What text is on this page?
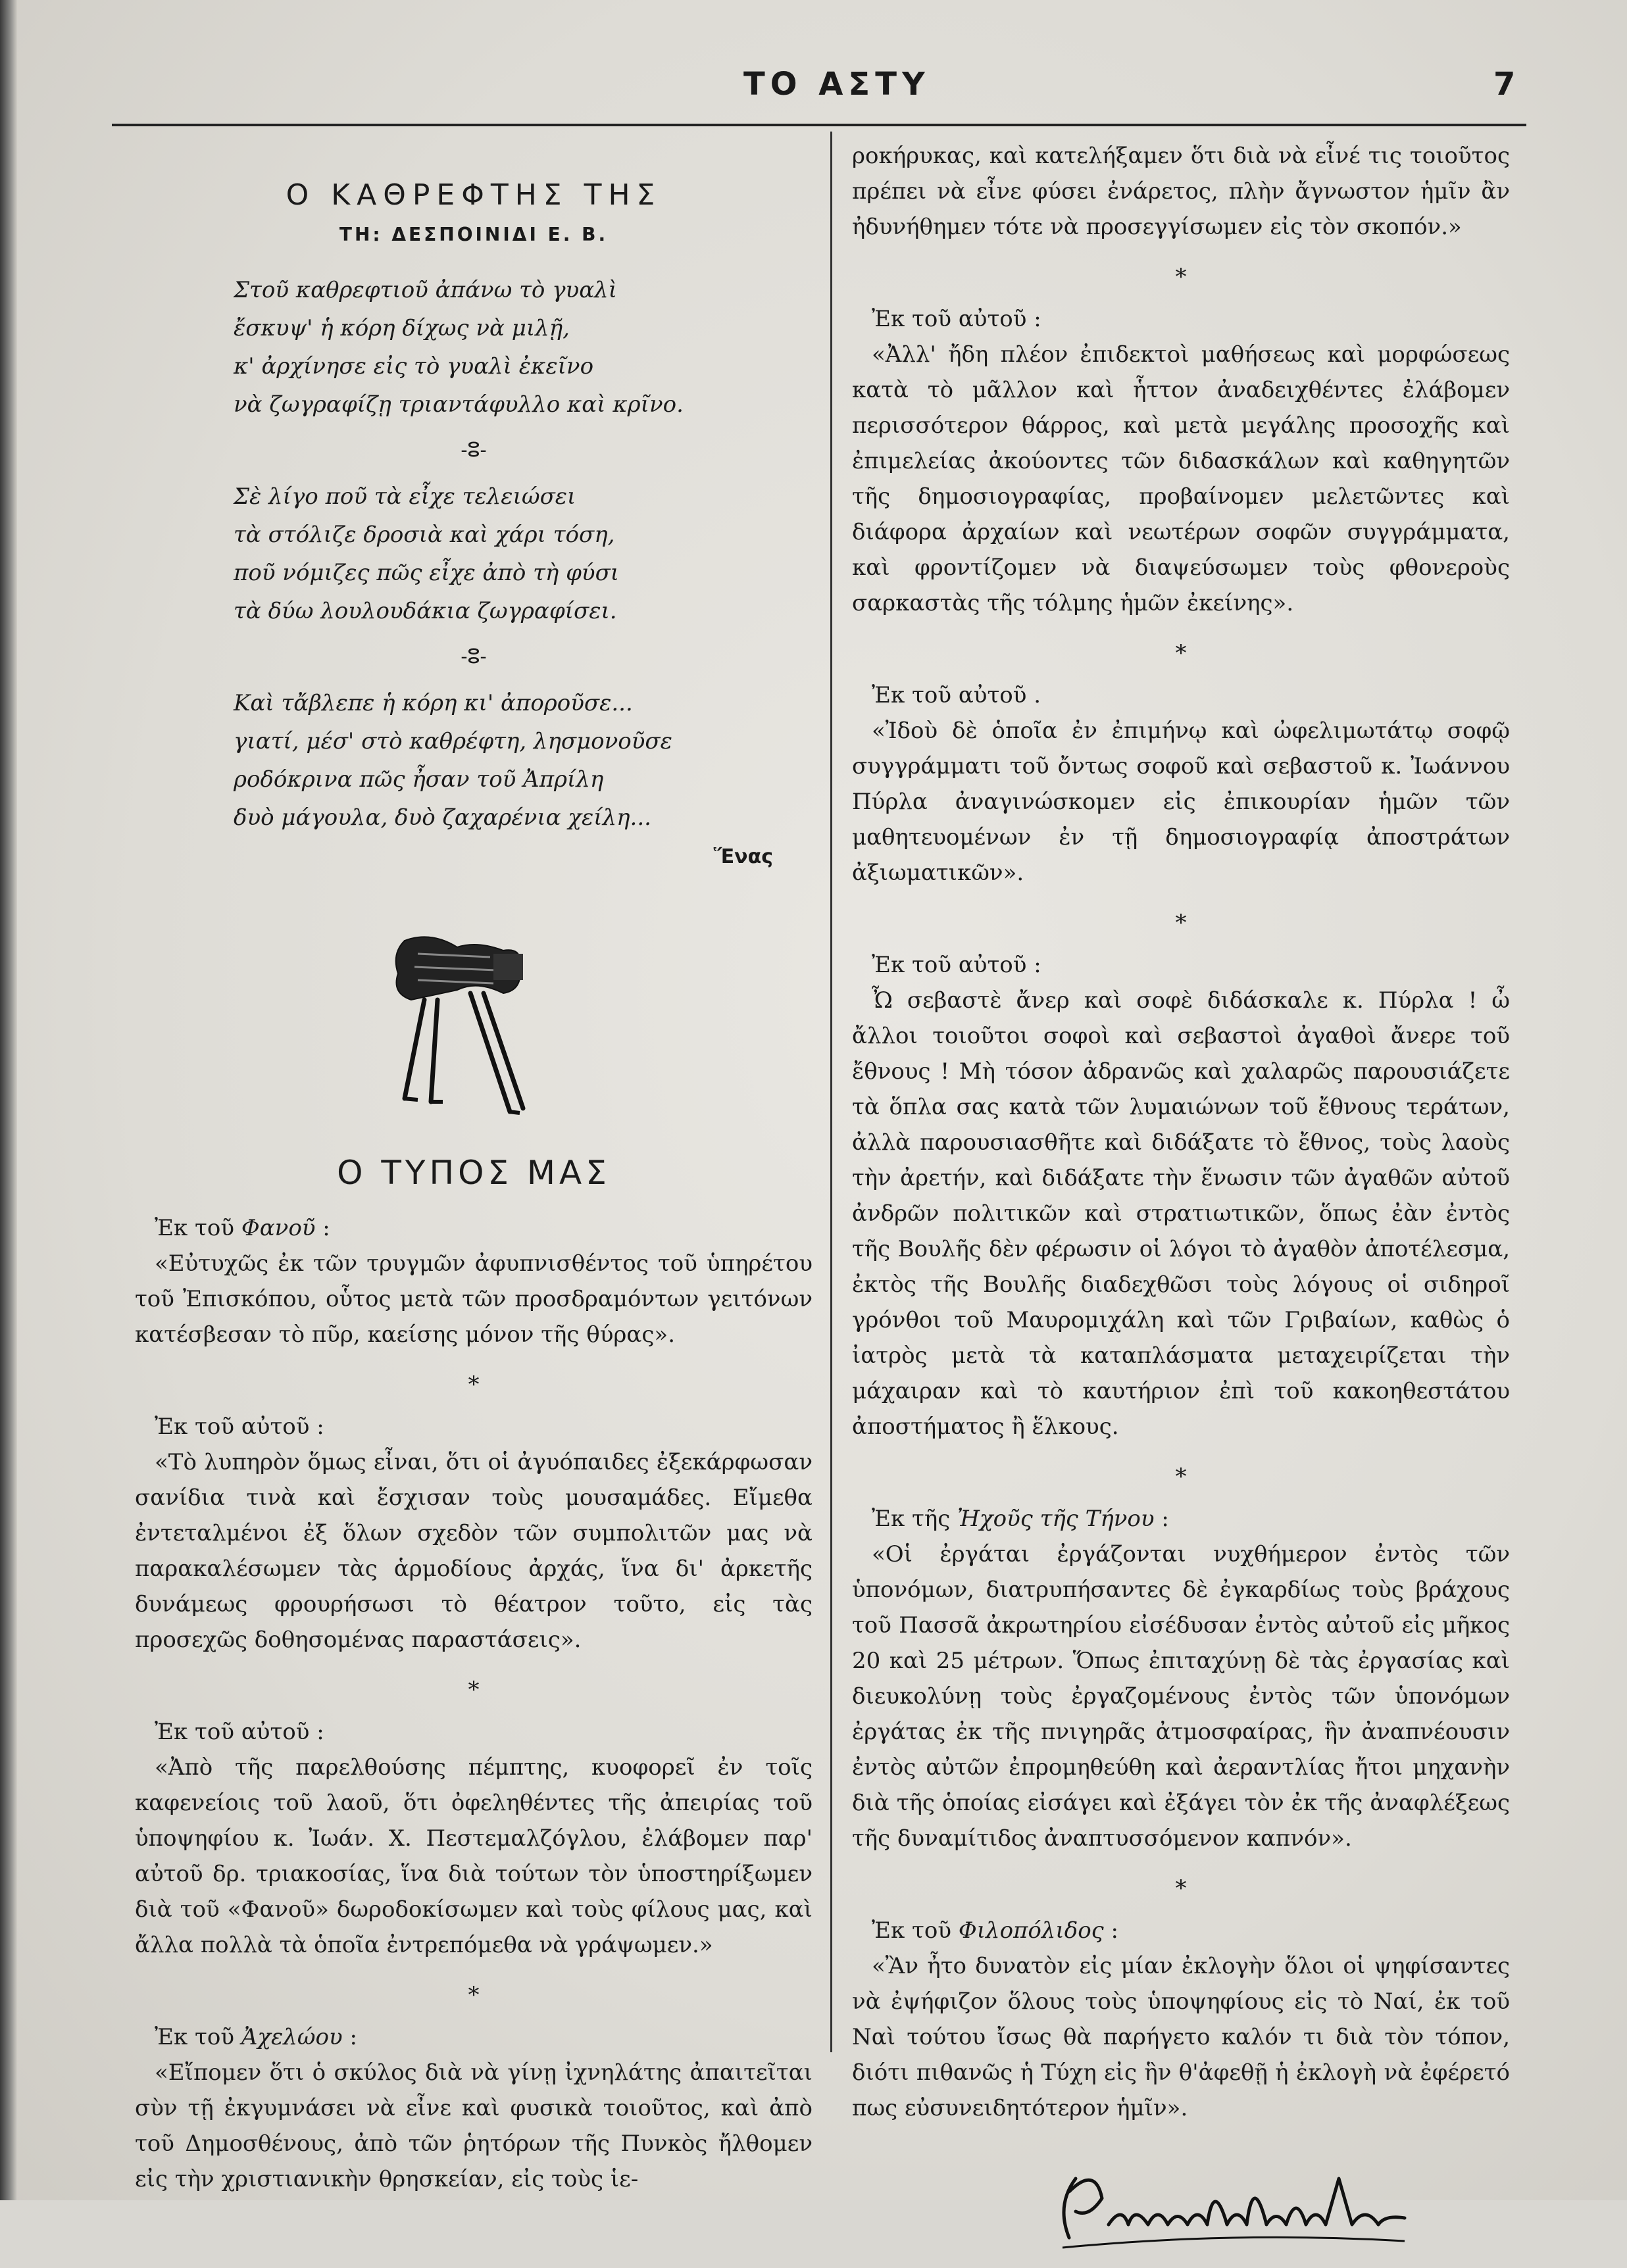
ΤΟ ΑΣΤΥ	7
Ο ΚΑΘΡΕΦΤΗΣ ΤΗΣ
ΤΗ: ΔΕΣΠΟΙΝΙΔΙ Ε. Β.
Στοῦ καθρεφτιοῦ ἀπάνω τὸ γυαλὶ
ἔσκυψ' ἡ κόρη δίχως νὰ μιλῇ,
κ' ἀρχίνησε εἰς τὸ γυαλὶ ἐκεῖνο
νὰ ζωγραφίζῃ τριαντάφυλλο καὶ κρῖνο.
-ⵓ-
Σὲ λίγο ποῦ τὰ εἶχε τελειώσει
τὰ στόλιζε δροσιὰ καὶ χάρι τόση,
ποῦ νόμιζες πῶς εἶχε ἀπὸ τὴ φύσι
τὰ δύω λουλουδάκια ζωγραφίσει.
-ⵓ-
Καὶ τἄβλεπε ἡ κόρη κι' ἀποροῦσε...
γιατί, μέσ' στὸ καθρέφτη, λησμονοῦσε
ροδόκρινα πῶς ἦσαν τοῦ Ἀπρίλη
δυὸ μάγουλα, δυὸ ζαχαρένια χείλη...
Ἕνας
Ο ΤΥΠΟΣ ΜΑΣ
Ἐκ τοῦ Φανοῦ :

«Εὐτυχῶς ἐκ τῶν τρυγμῶν ἀφυπνισθέντος τοῦ ὑπηρέτου τοῦ Ἐπισκόπου, οὗτος μετὰ τῶν προσδραμόντων γειτόνων κατέσβεσαν τὸ πῦρ, καείσης μόνον τῆς θύρας».

*
Ἐκ τοῦ αὐτοῦ :

«Τὸ λυπηρὸν ὅμως εἶναι, ὅτι οἱ ἀγυόπαιδες ἐξεκάρφωσαν σανίδια τινὰ καὶ ἔσχισαν τοὺς μουσαμάδες. Εἴμεθα ἐντεταλμένοι ἐξ ὅλων σχεδὸν τῶν συμπολιτῶν μας νὰ παρακαλέσωμεν τὰς ἁρμοδίους ἀρχάς, ἵνα δι' ἀρκετῆς δυνάμεως φρουρήσωσι τὸ θέατρον τοῦτο, εἰς τὰς προσεχῶς δοθησομένας παραστάσεις».

*
Ἐκ τοῦ αὐτοῦ :

«Ἀπὸ τῆς παρελθούσης πέμπτης, κυοφορεῖ ἐν τοῖς καφενείοις τοῦ λαοῦ, ὅτι ὀφεληθέντες τῆς ἀπειρίας τοῦ ὑποψηφίου κ. Ἰωάν. Χ. Πεστεμαλζόγλου, ἐλάβομεν παρ' αὐτοῦ δρ. τριακοσίας, ἵνα διὰ τούτων τὸν ὑποστηρίξωμεν διὰ τοῦ «Φανοῦ» δωροδοκίσωμεν καὶ τοὺς φίλους μας, καὶ ἄλλα πολλὰ τὰ ὁποῖα ἐντρεπόμεθα νὰ γράψωμεν.»

*
Ἐκ τοῦ Ἀχελώου :

«Εἴπομεν ὅτι ὁ σκύλος διὰ νὰ γίνῃ ἰχνηλάτης ἀπαιτεῖται σὺν τῇ ἐκγυμνάσει νὰ εἶνε καὶ φυσικὰ τοιοῦτος, καὶ ἀπὸ τοῦ Δημοσθένους, ἀπὸ τῶν ῥητόρων τῆς Πυνκὸς ἤλθομεν εἰς τὴν χριστιανικὴν θρησκείαν, εἰς τοὺς ἱε-

ροκήρυκας, καὶ κατελήξαμεν ὅτι διὰ νὰ εἶνέ τις τοιοῦτος πρέπει νὰ εἶνε φύσει ἐνάρετος, πλὴν ἄγνωστον ἡμῖν ἂν ἠδυνήθημεν τότε νὰ προσεγγίσωμεν εἰς τὸν σκοπόν.»

*
Ἐκ τοῦ αὐτοῦ :

«Ἀλλ' ἤδη πλέον ἐπιδεκτοὶ μαθήσεως καὶ μορφώσεως κατὰ τὸ μᾶλλον καὶ ἧττον ἀναδειχθέντες ἐλάβομεν περισσότερον θάρρος, καὶ μετὰ μεγάλης προσοχῆς καὶ ἐπιμελείας ἀκούοντες τῶν διδασκάλων καὶ καθηγητῶν τῆς δημοσιογραφίας, προβαίνομεν μελετῶντες καὶ διάφορα ἀρχαίων καὶ νεωτέρων σοφῶν συγγράμματα, καὶ φροντίζομεν νὰ διαψεύσωμεν τοὺς φθονεροὺς σαρκαστὰς τῆς τόλμης ἡμῶν ἐκείνης».

*
Ἐκ τοῦ αὐτοῦ .

«Ἰδοὺ δὲ ὁποῖα ἐν ἐπιμήνῳ καὶ ὠφελιμωτάτῳ σοφῷ συγγράμματι τοῦ ὄντως σοφοῦ καὶ σεβαστοῦ κ. Ἰωάννου Πύρλα ἀναγινώσκομεν εἰς ἐπικουρίαν ἡμῶν τῶν μαθητευομένων ἐν τῇ δημοσιογραφίᾳ ἀποστράτων ἀξιωματικῶν».

*
Ἐκ τοῦ αὐτοῦ :

Ὦ σεβαστὲ ἄνερ καὶ σοφὲ διδάσκαλε κ. Πύρλα ! ὦ ἄλλοι τοιοῦτοι σοφοὶ καὶ σεβαστοὶ ἀγαθοὶ ἄνερε τοῦ ἔθνους ! Μὴ τόσον ἀδρανῶς καὶ χαλαρῶς παρουσιάζετε τὰ ὅπλα σας κατὰ τῶν λυμαιώνων τοῦ ἔθνους τεράτων, ἀλλὰ παρουσιασθῆτε καὶ διδάξατε τὸ ἔθνος, τοὺς λαοὺς τὴν ἀρετήν, καὶ διδάξατε τὴν ἕνωσιν τῶν ἀγαθῶν αὐτοῦ ἀνδρῶν πολιτικῶν καὶ στρατιωτικῶν, ὅπως ἐὰν ἐντὸς τῆς Βουλῆς δὲν φέρωσιν οἱ λόγοι τὸ ἀγαθὸν ἀποτέλεσμα, ἐκτὸς τῆς Βουλῆς διαδεχθῶσι τοὺς λόγους οἱ σιδηροῖ γρόνθοι τοῦ Μαυρομιχάλη καὶ τῶν Γριβαίων, καθὼς ὁ ἰατρὸς μετὰ τὰ καταπλάσματα μεταχειρίζεται τὴν μάχαιραν καὶ τὸ καυτήριον ἐπὶ τοῦ κακοηθεστάτου ἀποστήματος ἢ ἕλκους.

*
Ἐκ τῆς Ἠχοῦς τῆς Τήνου :

«Οἱ ἐργάται ἐργάζονται νυχθήμερον ἐντὸς τῶν ὑπονόμων, διατρυπήσαντες δὲ ἐγκαρδίως τοὺς βράχους τοῦ Πασσᾶ ἀκρωτηρίου εἰσέδυσαν ἐντὸς αὐτοῦ εἰς μῆκος 20 καὶ 25 μέτρων. Ὅπως ἐπιταχύνῃ δὲ τὰς ἐργασίας καὶ διευκολύνῃ τοὺς ἐργαζομένους ἐντὸς τῶν ὑπονόμων ἐργάτας ἐκ τῆς πνιγηρᾶς ἀτμοσφαίρας, ἣν ἀναπνέουσιν ἐντὸς αὐτῶν ἐπρομηθεύθη καὶ ἀεραντλίας ἤτοι μηχανὴν διὰ τῆς ὁποίας εἰσάγει καὶ ἐξάγει τὸν ἐκ τῆς ἀναφλέξεως τῆς δυναμίτιδος ἀναπτυσσόμενον καπνόν».

*
Ἐκ τοῦ Φιλοπόλιδος :

«Ἂν ἦτο δυνατὸν εἰς μίαν ἐκλογὴν ὅλοι οἱ ψηφίσαντες νὰ ἐψήφιζον ὅλους τοὺς ὑποψηφίους εἰς τὸ Ναί, ἐκ τοῦ Ναὶ τούτου ἴσως θὰ παρήγετο καλόν τι διὰ τὸν τόπον, διότι πιθανῶς ἡ Τύχη εἰς ἣν θ'ἀφεθῇ ἡ ἐκλογὴ νὰ ἐφέρετό πως εὐσυνειδητότερον ἡμῖν».
